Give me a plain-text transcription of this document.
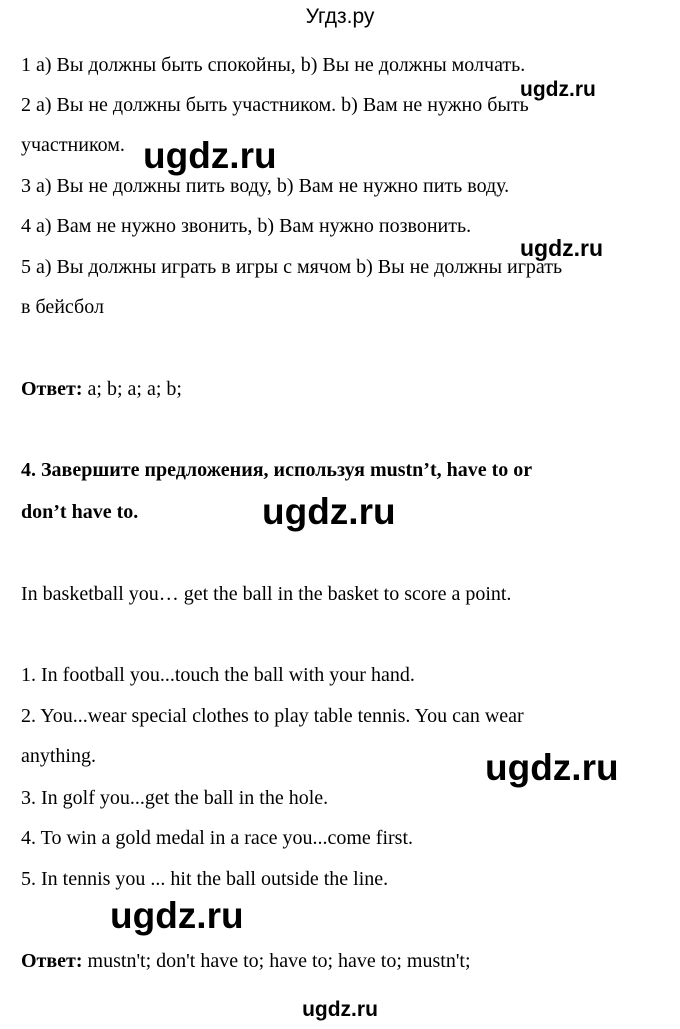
Угдз.ру

1 a) Вы должны быть спокойны, b) Вы не должны молчать.

2 a) Вы не должны быть участником. b) Вам не нужно быть

участником.

3 a) Вы не должны пить воду, b) Вам не нужно пить воду.

4 a) Вам не нужно звонить, b) Вам нужно позвонить.

5 a) Вы должны играть в игры с мячом b) Вы не должны играть

в бейсбол

Ответ: a; b; a; a; b;

4. Завершите предложения, используя mustn’t, have to or

don’t have to.

In basketball you… get the ball in the basket to score a point.

1. In football you...touch the ball with your hand.

2. You...wear special clothes to play table tennis. You can wear

anything.

3. In golf you...get the ball in the hole.

4. To win a gold medal in a race you...come first.

5. In tennis you ... hit the ball outside the line.

Ответ: mustn't; don't have to; have to; have to; mustn't;

ugdz.ru
ugdz.ru
ugdz.ru
ugdz.ru
ugdz.ru
ugdz.ru
ugdz.ru
